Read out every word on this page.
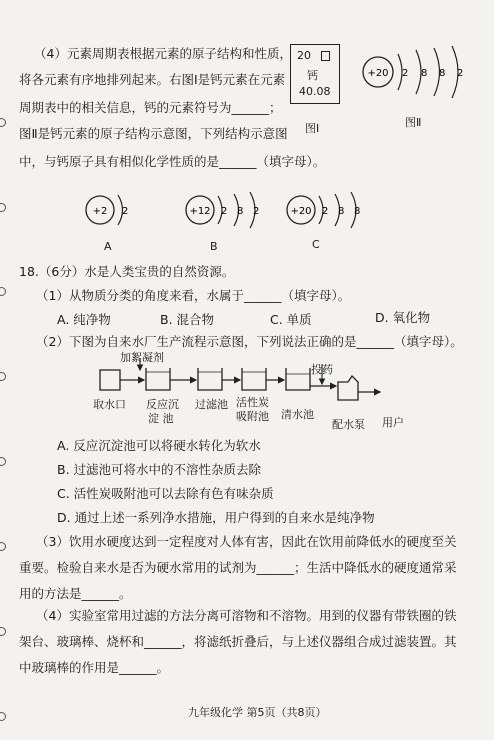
（4）元素周期表根据元素的原子结构和性质，
将各元素有序地排列起来。右图Ⅰ是钙元素在元素
周期表中的相关信息，钙的元素符号为______；
图Ⅱ是钙元素的原子结构示意图，下列结构示意图
中，与钙原子具有相似化学性质的是______（填字母）。
20
钙
40.08
图Ⅰ	图Ⅱ
+20 2 8 8 2
+2 2
A
+12 2 8 2
B
+20 2 8 8
C
18.（6分）水是人类宝贵的自然资源。
（1）从物质分类的角度来看，水属于______（填字母）。
A. 纯净物	B. 混合物	C. 单质	D. 氧化物
（2）下图为自来水厂生产流程示意图，下列说法正确的是______（填字母）。
加絮凝剂
投药
取水口 反应沉
淀 池
过滤池 活性炭
吸附池 清水池
配水泵 用户
A. 反应沉淀池可以将硬水转化为软水
B. 过滤池可将水中的不溶性杂质去除
C. 活性炭吸附池可以去除有色有味杂质
D. 通过上述一系列净水措施，用户得到的自来水是纯净物
（3）饮用水硬度达到一定程度对人体有害，因此在饮用前降低水的硬度至关
重要。检验自来水是否为硬水常用的试剂为______；生活中降低水的硬度通常采
用的方法是______。
（4）实验室常用过滤的方法分离可溶物和不溶物。用到的仪器有带铁圈的铁
架台、玻璃棒、烧杯和______，将滤纸折叠后，与上述仪器组合成过滤装置。其
中玻璃棒的作用是______。
九年级化学 第5页（共8页）
